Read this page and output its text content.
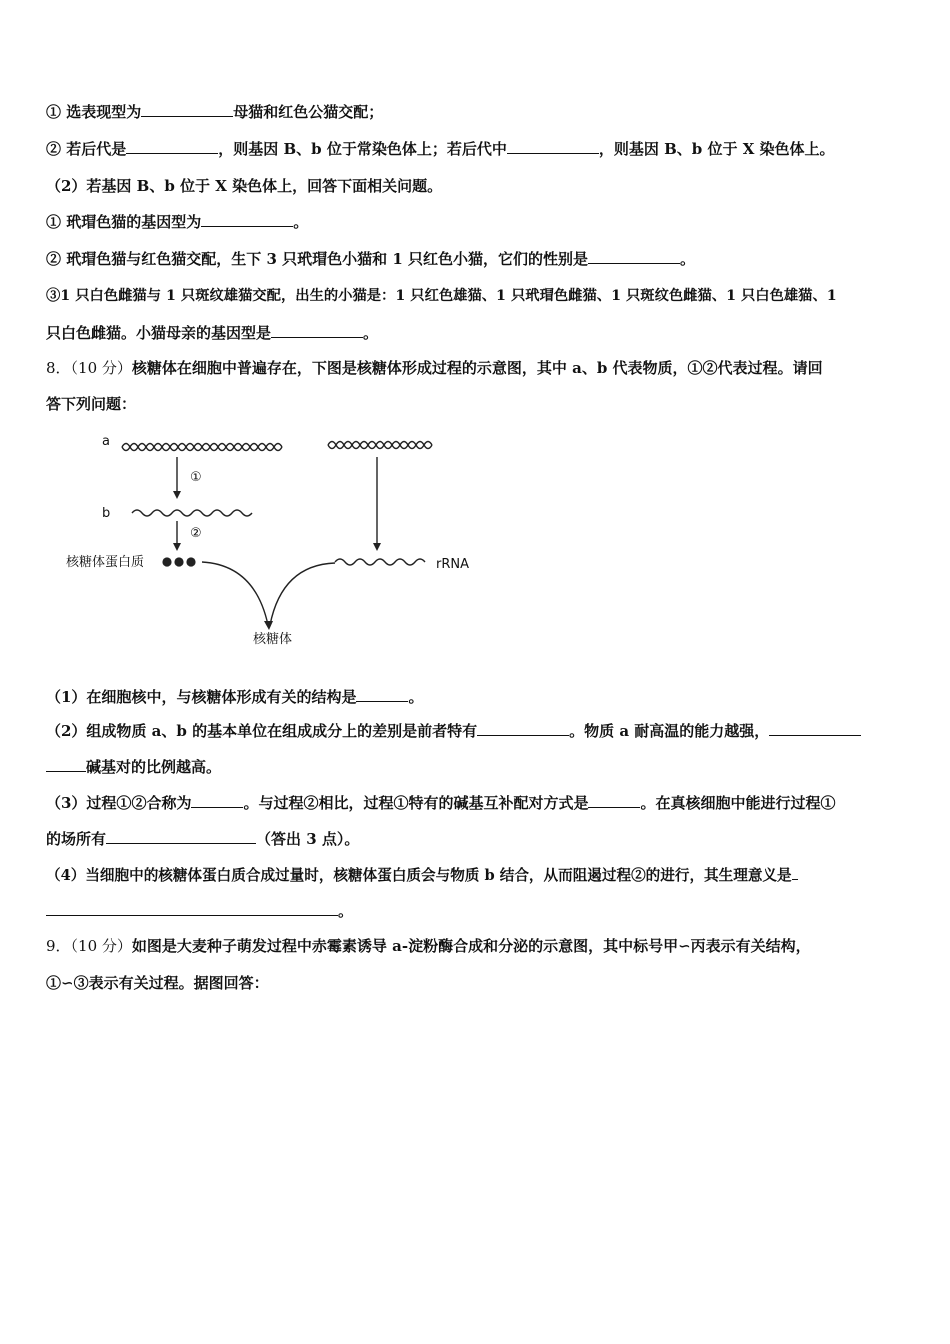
① 选表现型为	母猫和红色公猫交配；
② 若后代是	，则基因 B、b 位于常染色体上；若后代中	，则基因 B、b 位于 X 染色体上。
（2）若基因 B、b 位于 X 染色体上，回答下面相关问题。
① 玳瑁色猫的基因型为	。
② 玳瑁色猫与红色猫交配，生下 3 只玳瑁色小猫和 1 只红色小猫，它们的性别是	。
③1 只白色雌猫与 1 只斑纹雄猫交配，出生的小猫是：1 只红色雄猫、1 只玳瑁色雌猫、1 只斑纹色雌猫、1 只白色雄猫、1
只白色雌猫。小猫母亲的基因型是	。
8．（10 分）核糖体在细胞中普遍存在，下图是核糖体形成过程的示意图，其中 a、b 代表物质，①②代表过程。请回
答下列问题：
a
b
①
②
核糖体蛋白质	rRNA
核糖体
（1）在细胞核中，与核糖体形成有关的结构是	。
（2）组成物质 a、b 的基本单位在组成成分上的差别是前者特有	。物质 a 耐高温的能力越强，
碱基对的比例越高。
（3）过程①②合称为	。与过程②相比，过程①特有的碱基互补配对方式是	。在真核细胞中能进行过程①
的场所有	（答出 3 点）。
（4）当细胞中的核糖体蛋白质合成过量时，核糖体蛋白质会与物质 b 结合，从而阻遏过程②的进行，其生理意义是
。
9．（10 分）如图是大麦种子萌发过程中赤霉素诱导 a-淀粉酶合成和分泌的示意图，其中标号甲∽丙表示有关结构，
①∽③表示有关过程。据图回答：
